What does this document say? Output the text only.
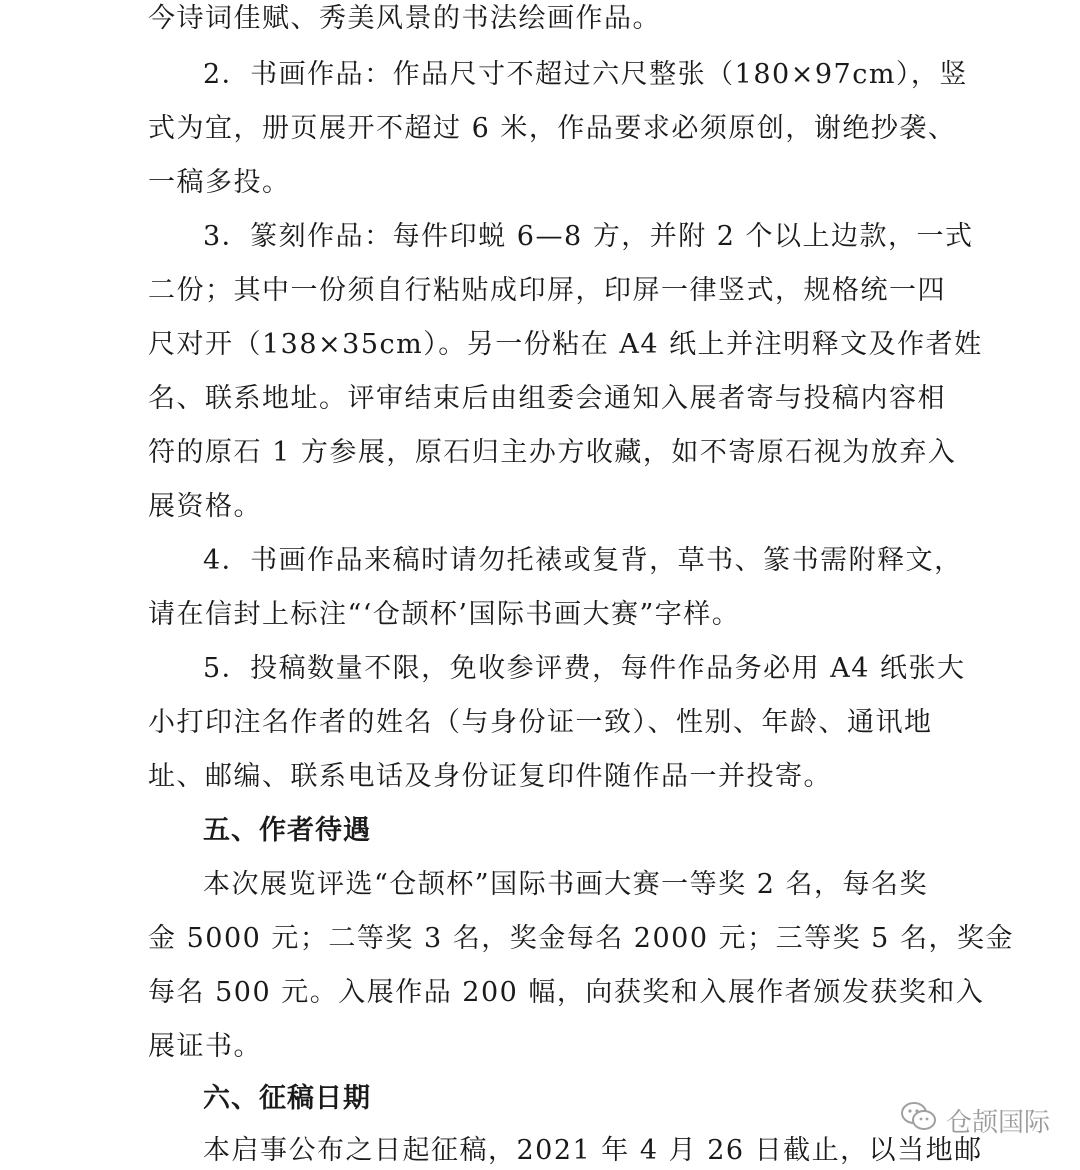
今诗词佳赋、秀美风景的书法绘画作品。
2．书画作品：作品尺寸不超过六尺整张（180×97cm），竖
式为宜，册页展开不超过 6 米，作品要求必须原创，谢绝抄袭、
一稿多投。
3．篆刻作品：每件印蜕 6—8 方，并附 2 个以上边款，一式
二份；其中一份须自行粘贴成印屏，印屏一律竖式，规格统一四
尺对开（138×35cm）。另一份粘在 A4 纸上并注明释文及作者姓
名、联系地址。评审结束后由组委会通知入展者寄与投稿内容相
符的原石 1 方参展，原石归主办方收藏，如不寄原石视为放弃入
展资格。
4．书画作品来稿时请勿托裱或复背，草书、篆书需附释文，
请在信封上标注“‘仓颉杯’国际书画大赛”字样。
5．投稿数量不限，免收参评费，每件作品务必用 A4 纸张大
小打印注名作者的姓名（与身份证一致）、性别、年龄、通讯地
址、邮编、联系电话及身份证复印件随作品一并投寄。
五、作者待遇
本次展览评选“仓颉杯”国际书画大赛一等奖 2 名，每名奖
金 5000 元；二等奖 3 名，奖金每名 2000 元；三等奖 5 名，奖金
每名 500 元。入展作品 200 幅，向获奖和入展作者颁发获奖和入
展证书。
六、征稿日期
本启事公布之日起征稿，2021 年 4 月 26 日截止，以当地邮
仓颉国际
